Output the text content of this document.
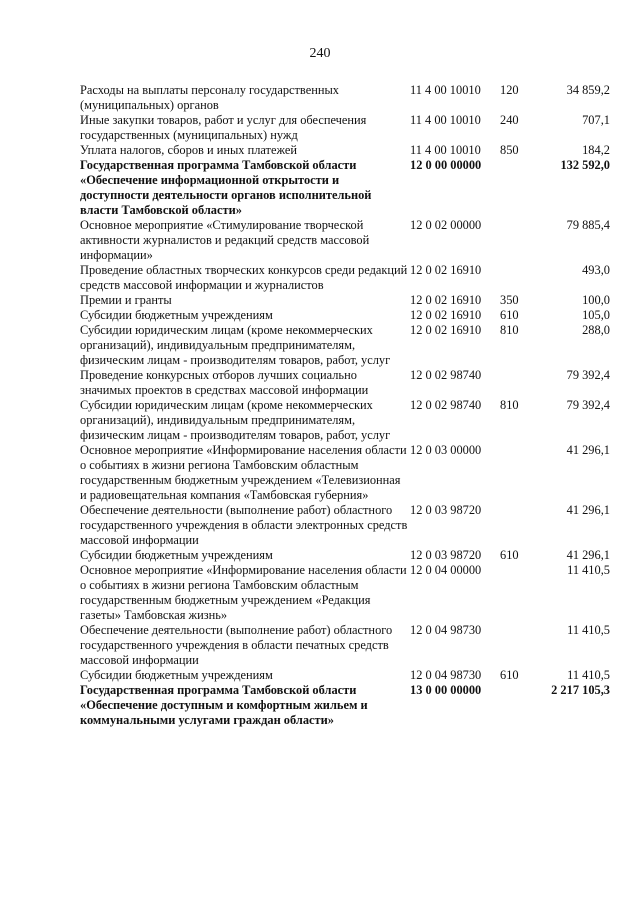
240
Расходы на выплаты персоналу государственных (муниципальных) органов	11 4 00 10010	120	34 859,2
Иные закупки товаров, работ и услуг для обеспечения государственных (муниципальных) нужд	11 4 00 10010	240	707,1
Уплата налогов, сборов и иных платежей	11 4 00 10010	850	184,2
Государственная программа Тамбовской области «Обеспечение информационной открытости и доступности деятельности органов исполнительной власти Тамбовской области»	12 0 00 00000		132 592,0
Основное мероприятие «Стимулирование творческой активности журналистов и редакций средств массовой информации»	12 0 02 00000		79 885,4
Проведение областных творческих конкурсов среди редакций средств массовой информации и журналистов	12 0 02 16910		493,0
Премии и гранты	12 0 02 16910	350	100,0
Субсидии бюджетным учреждениям	12 0 02 16910	610	105,0
Субсидии юридическим лицам (кроме некоммерческих организаций), индивидуальным предпринимателям, физическим лицам - производителям товаров, работ, услуг	12 0 02 16910	810	288,0
Проведение конкурсных отборов лучших социально значимых проектов в средствах массовой информации	12 0 02 98740		79 392,4
Субсидии юридическим лицам (кроме некоммерческих организаций), индивидуальным предпринимателям, физическим лицам - производителям товаров, работ, услуг	12 0 02 98740	810	79 392,4
Основное мероприятие «Информирование населения области о событиях в жизни региона Тамбовским областным государственным бюджетным учреждением «Телевизионная и радиовещательная компания «Тамбовская губерния»	12 0 03 00000		41 296,1
Обеспечение деятельности (выполнение работ) областного государственного учреждения в области электронных средств массовой информации	12 0 03 98720		41 296,1
Субсидии бюджетным учреждениям	12 0 03 98720	610	41 296,1
Основное мероприятие «Информирование населения области о событиях в жизни региона Тамбовским областным государственным бюджетным учреждением «Редакция газеты» Тамбовская жизнь»	12 0 04 00000		11 410,5
Обеспечение деятельности (выполнение работ) областного государственного учреждения в области печатных средств массовой информации	12 0 04 98730		11 410,5
Субсидии бюджетным учреждениям	12 0 04 98730	610	11 410,5
Государственная программа Тамбовской области «Обеспечение доступным и комфортным жильем и коммунальными услугами граждан области»	13 0 00 00000		2 217 105,3
